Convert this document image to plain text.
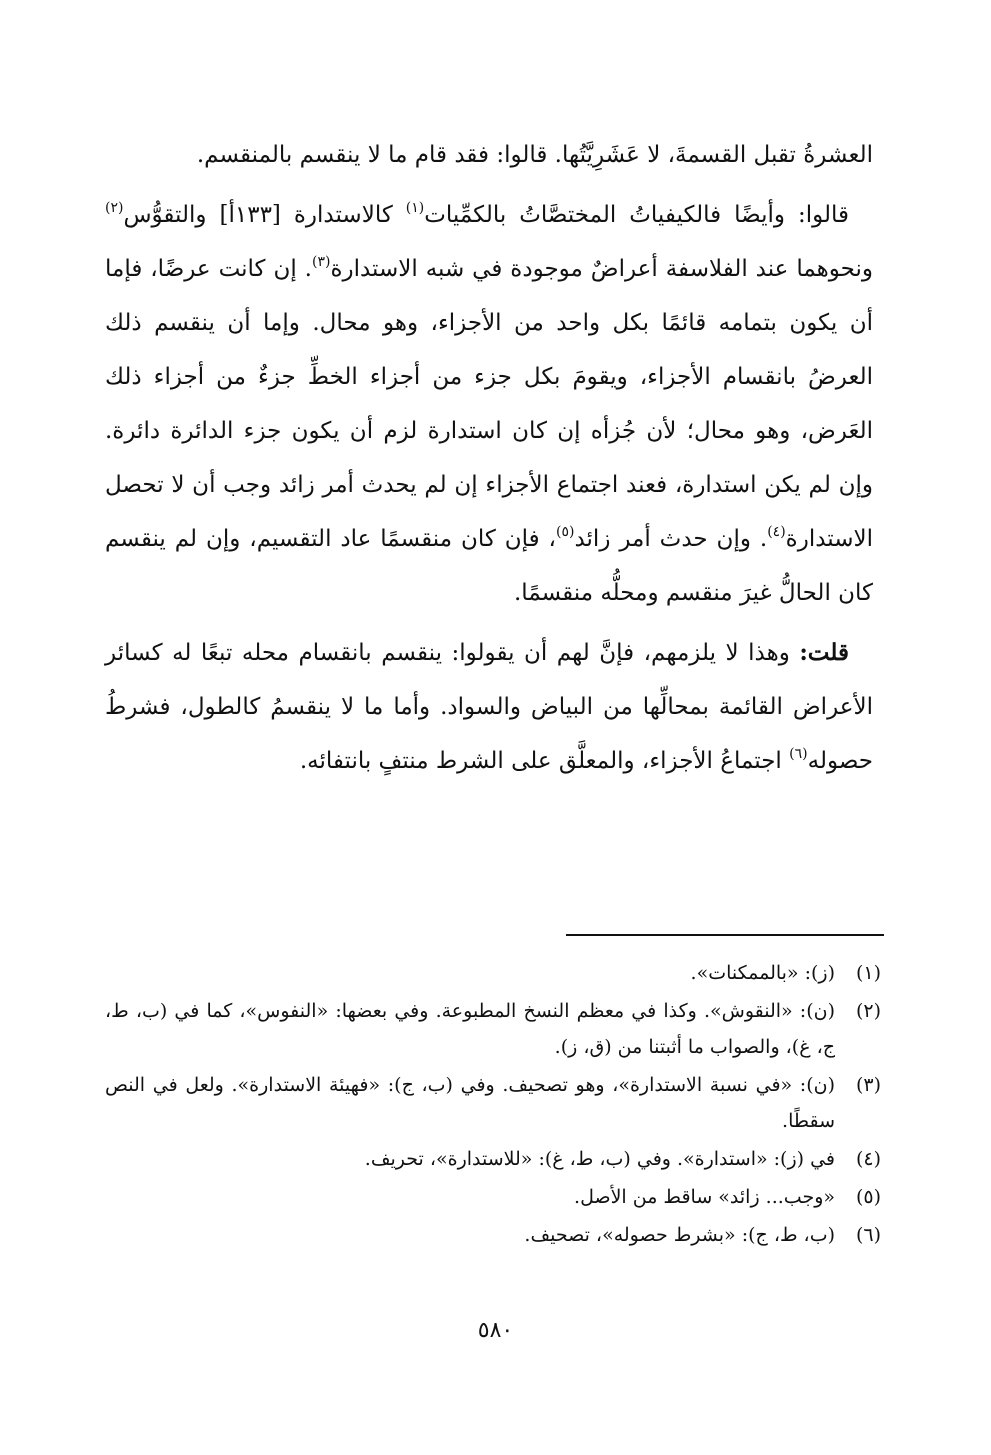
العشرةُ تقبل القسمةَ، لا عَشَرِيَّتُها. قالوا: فقد قام ما لا ينقسم بالمنقسم.

قالوا: وأيضًا فالكيفياتُ المختصَّاتُ بالكمِّيات$^{(١)}$ كالاستدارة [١٣٣أ] والتقوُّس$^{(٢)}$ ونحوهما عند الفلاسفة أعراضٌ موجودة في شبه الاستدارة$^{(٣)}$. إن كانت عرضًا، فإما أن يكون بتمامه قائمًا بكل واحد من الأجزاء، وهو محال. وإما أن ينقسم ذلك العرضُ بانقسام الأجزاء، ويقومَ بكل جزء من أجزاء الخطِّ جزءٌ من أجزاء ذلك العَرض، وهو محال؛ لأن جُزأه إن كان استدارة لزم أن يكون جزء الدائرة دائرة. وإن لم يكن استدارة، فعند اجتماع الأجزاء إن لم يحدث أمر زائد وجب أن لا تحصل الاستدارة$^{(٤)}$. وإن حدث أمر زائد$^{(٥)}$، فإن كان منقسمًا عاد التقسيم، وإن لم ينقسم كان الحالُّ غيرَ منقسم ومحلُّه منقسمًا.

قلت: وهذا لا يلزمهم، فإنَّ لهم أن يقولوا: ينقسم بانقسام محله تبعًا له كسائر الأعراض القائمة بمحالِّها من البياض والسواد. وأما ما لا ينقسمُ كالطول، فشرطُ حصوله$^{(٦)}$ اجتماعُ الأجزاء، والمعلَّق على الشرط منتفٍ بانتفائه.

(١)
(ز): «بالممكنات».
(٢)
(ن): «النقوش». وكذا في معظم النسخ المطبوعة. وفي بعضها: «النفوس»، كما في (ب، ط، ج، غ)، والصواب ما أثبتنا من (ق، ز).
(٣)
(ن): «في نسبة الاستدارة»، وهو تصحيف. وفي (ب، ج): «فهيئة الاستدارة». ولعل في النص سقطًا.
(٤)
في (ز): «استدارة». وفي (ب، ط، غ): «للاستدارة»، تحريف.
(٥)
«وجب... زائد» ساقط من الأصل.
(٦)
(ب، ط، ج): «بشرط حصوله»، تصحيف.
٥٨٠
